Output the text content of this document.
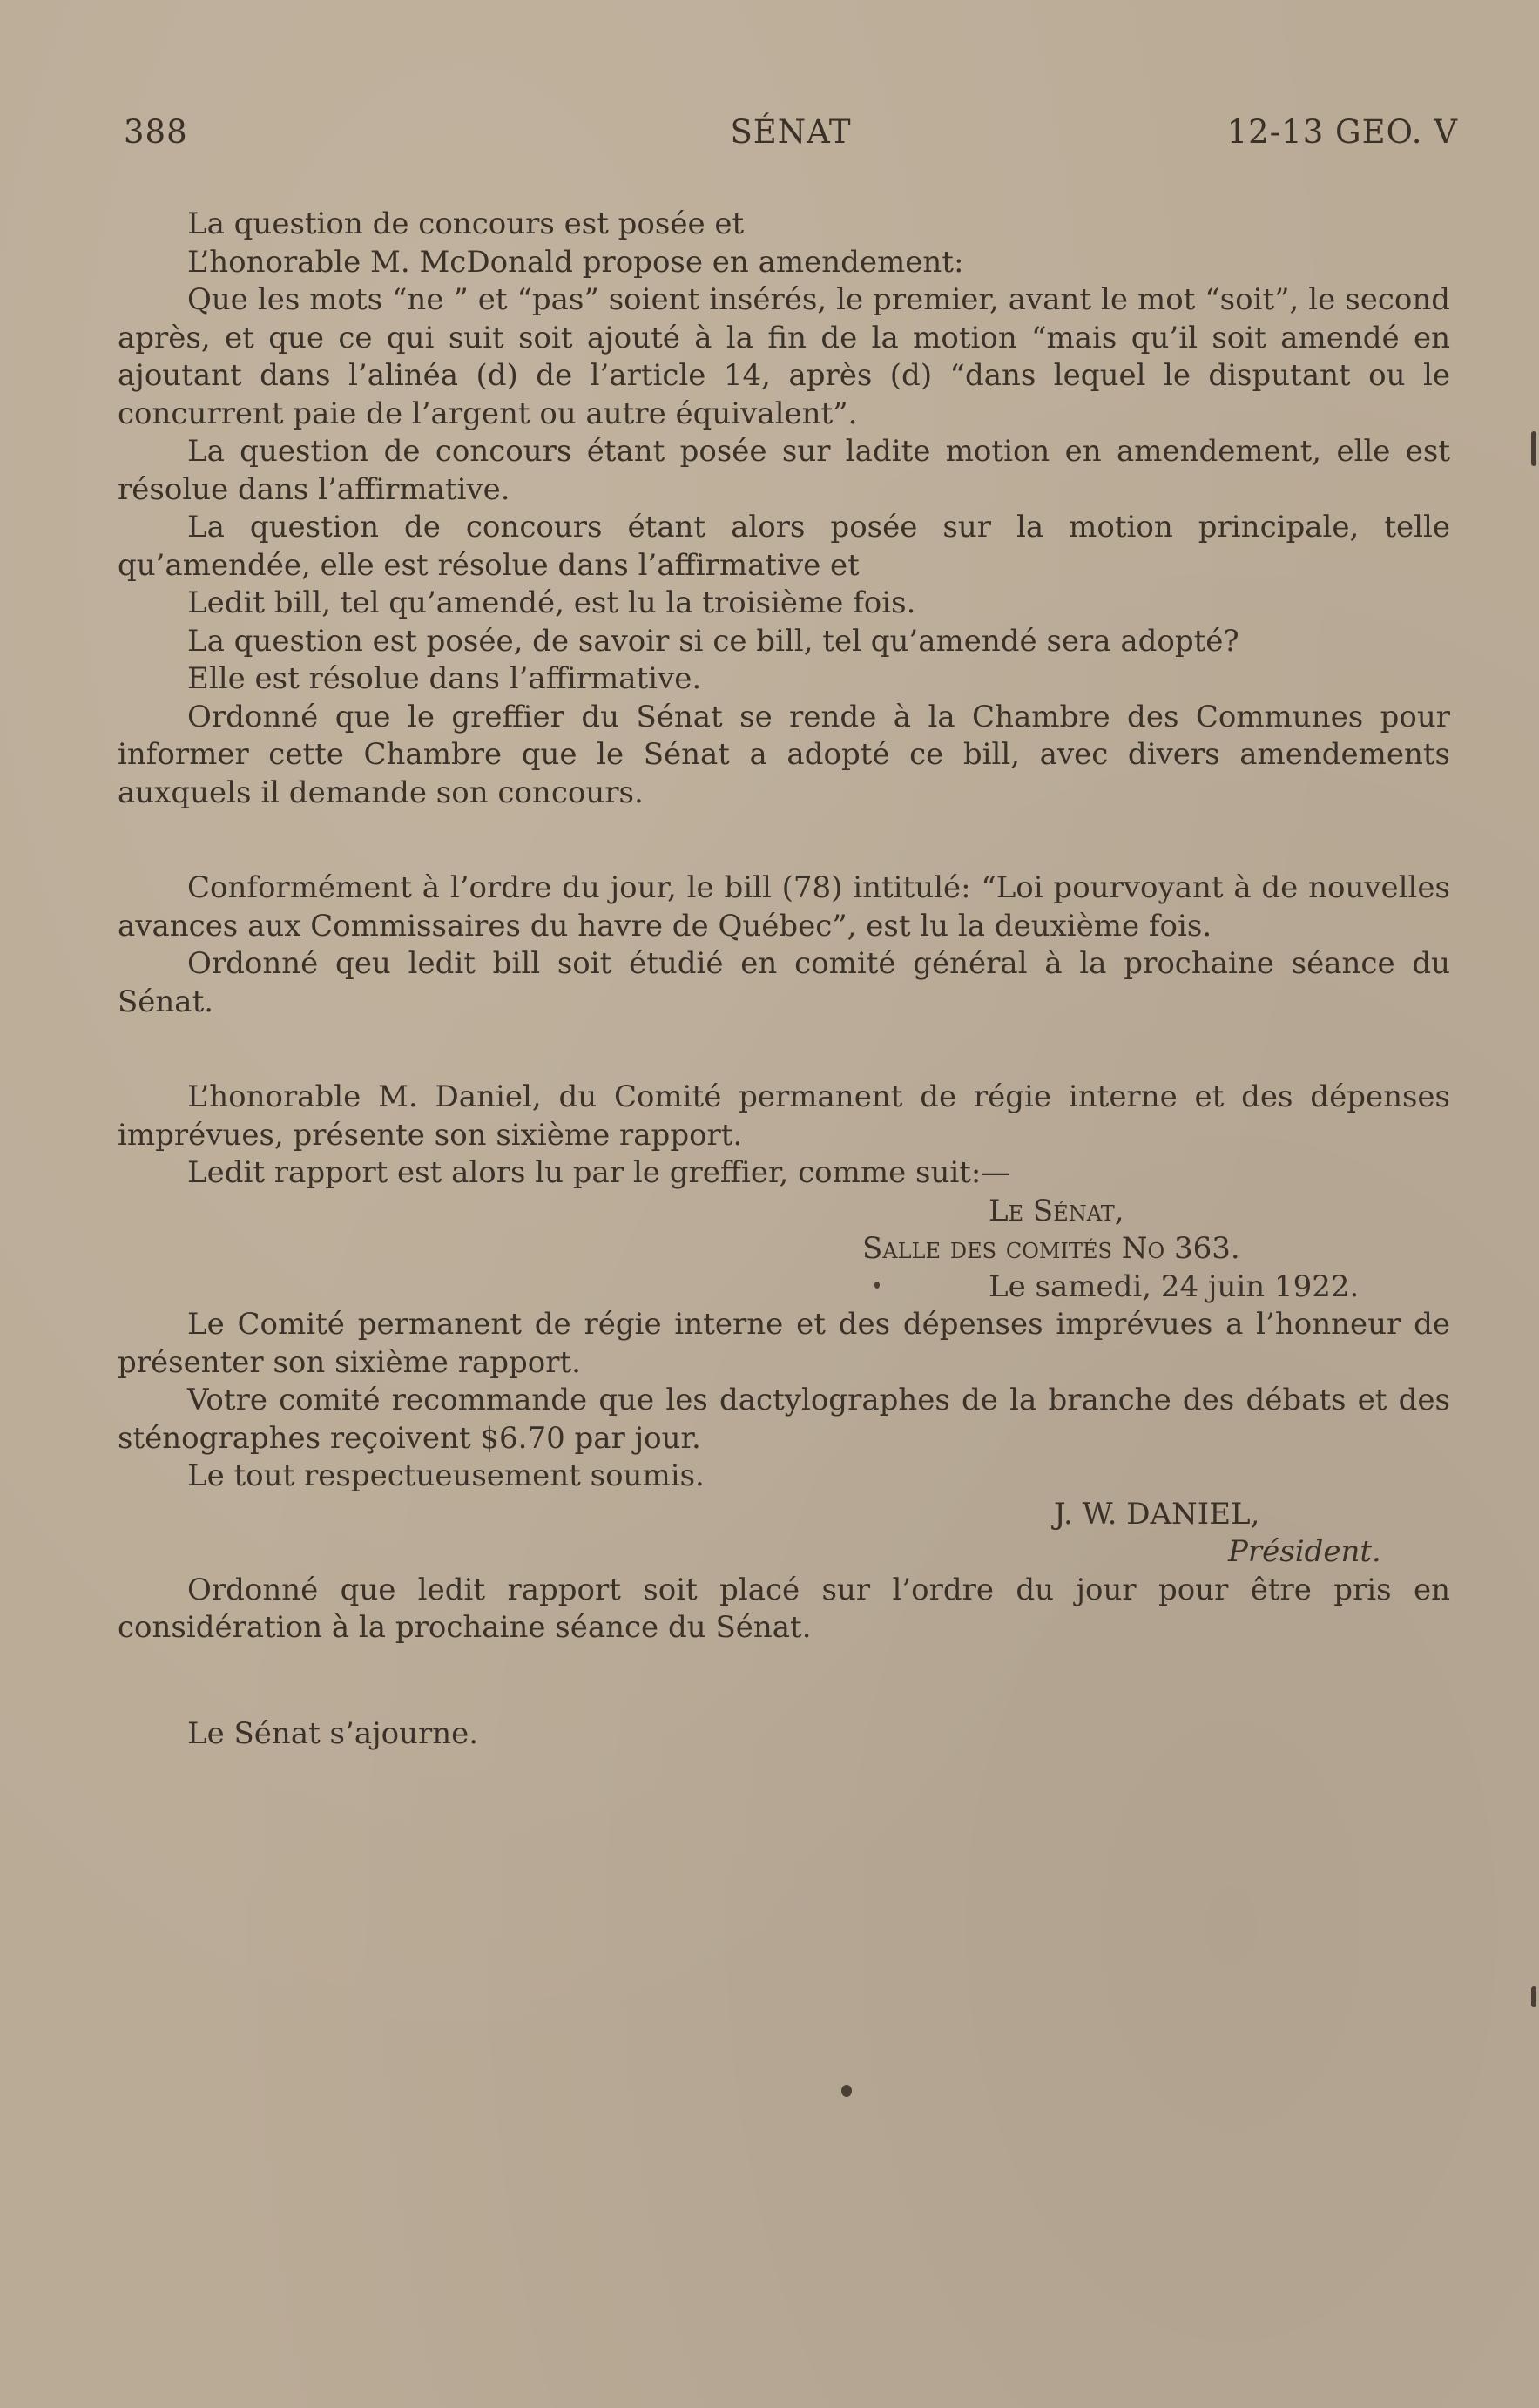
388	SÉNAT	12-13 GEO. V

La question de concours est posée et

L’honorable M. McDonald propose en amendement:

Que les mots “ne ” et “pas” soient insérés, le premier, avant le mot “soit”, le second après, et que ce qui suit soit ajouté à la fin de la motion “mais qu’il soit amendé en ajoutant dans l’alinéa (d) de l’article 14, après (d) “dans lequel le disputant ou le concurrent paie de l’argent ou autre équivalent”.

La question de concours étant posée sur ladite motion en amendement, elle est résolue dans l’affirmative.

La question de concours étant alors posée sur la motion principale, telle qu’amendée, elle est résolue dans l’affirmative et

Ledit bill, tel qu’amendé, est lu la troisième fois.

La question est posée, de savoir si ce bill, tel qu’amendé sera adopté?

Elle est résolue dans l’affirmative.

Ordonné que le greffier du Sénat se rende à la Chambre des Communes pour informer cette Chambre que le Sénat a adopté ce bill, avec divers amendements auxquels il demande son concours.

Conformément à l’ordre du jour, le bill (78) intitulé: “Loi pourvoyant à de nouvelles avances aux Commissaires du havre de Québec”, est lu la deuxième fois.

Ordonné qeu ledit bill soit étudié en comité général à la prochaine séance du Sénat.

L’honorable M. Daniel, du Comité permanent de régie interne et des dépenses imprévues, présente son sixième rapport.

Ledit rapport est alors lu par le greffier, comme suit:—

Le Sénat,

Salle des comités No 363.

Le samedi, 24 juin 1922.

Le Comité permanent de régie interne et des dépenses imprévues a l’honneur de présenter son sixième rapport.

Votre comité recommande que les dactylographes de la branche des débats et des sténographes reçoivent $6.70 par jour.

Le tout respectueusement soumis.

J. W. DANIEL,

Président.

Ordonné que ledit rapport soit placé sur l’ordre du jour pour être pris en considération à la prochaine séance du Sénat.

Le Sénat s’ajourne.
